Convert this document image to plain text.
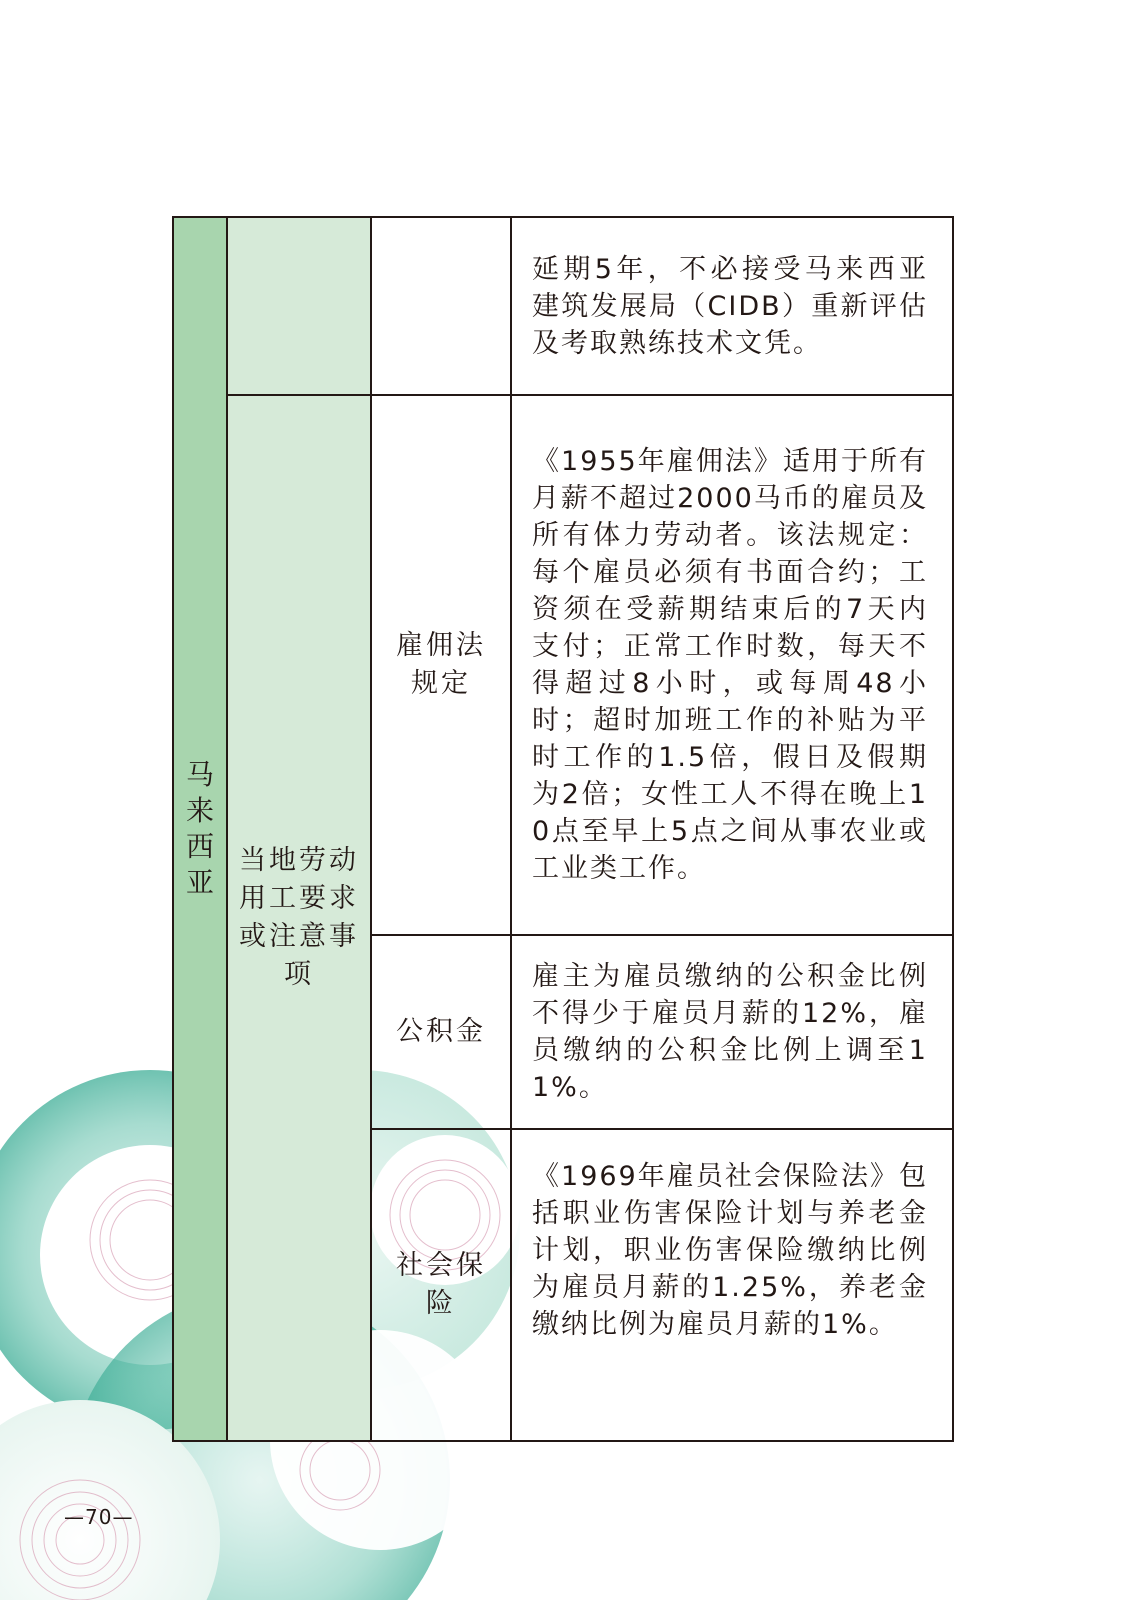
马来西亚			延期5年，不必接受马来西亚建筑发展局（CIDB）重新评估及考取熟练技术文凭。

	当地劳动用工要求或注意事项	雇佣法规定	《1955年雇佣法》适用于所有月薪不超过2000马币的雇员及所有体力劳动者。该法规定：每个雇员必须有书面合约；工资须在受薪期结束后的7天内支付；正常工作时数，每天不得超过8小时，或每周48小时；超时加班工作的补贴为平时工作的1.5倍，假日及假期为2倍；女性工人不得在晚上10点至早上5点之间从事农业或工业类工作。

		公积金	雇主为雇员缴纳的公积金比例不得少于雇员月薪的12%，雇员缴纳的公积金比例上调至11%。

		社会保险	《1969年雇员社会保险法》包括职业伤害保险计划与养老金计划，职业伤害保险缴纳比例为雇员月薪的1.25%，养老金缴纳比例为雇员月薪的1%。
—70—
